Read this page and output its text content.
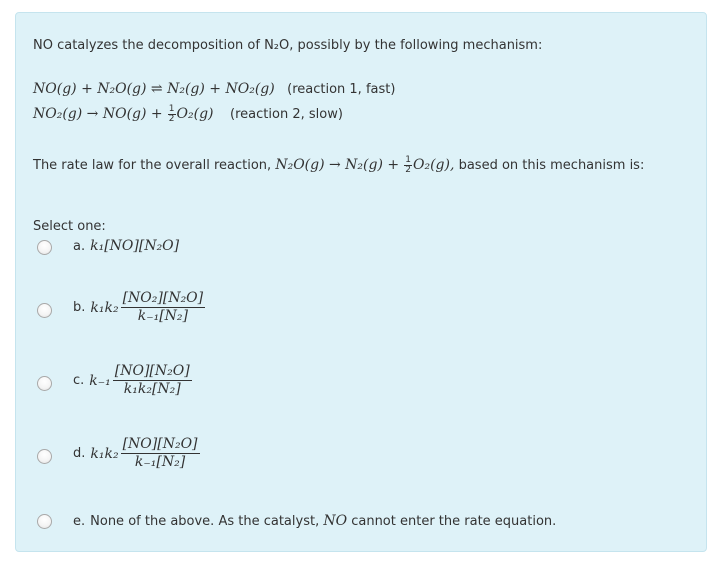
NO catalyzes the decomposition of N₂O, possibly by the following mechanism:
NO(g) + N₂O(g) ⇌ N₂(g) + NO₂(g) (reaction 1, fast)
$NO_2(g) \to NO(g) + \frac{1}{2} O_2(g)$ (reaction 2, slow)
The rate law for the overall reaction, $N_2O(g) \to N_2(g) + \frac{1}{2} O_2(g)$, based on this mechanism is:
Select one:
a. k₁[NO][N₂O]
b. $k_1k_2 \frac{\text{[NO₂][N₂O]}}{\text{k₋₁[N₂]}}$
c. $k_{-1} \frac{\text{[NO][N₂O]}}{\text{k₁k₂[N₂]}}$
d. $k_1k_2 \frac{\text{[NO][N₂O]}}{\text{k₋₁[N₂]}}$
e. None of the above. As the catalyst,
NO
cannot enter the rate equation.
